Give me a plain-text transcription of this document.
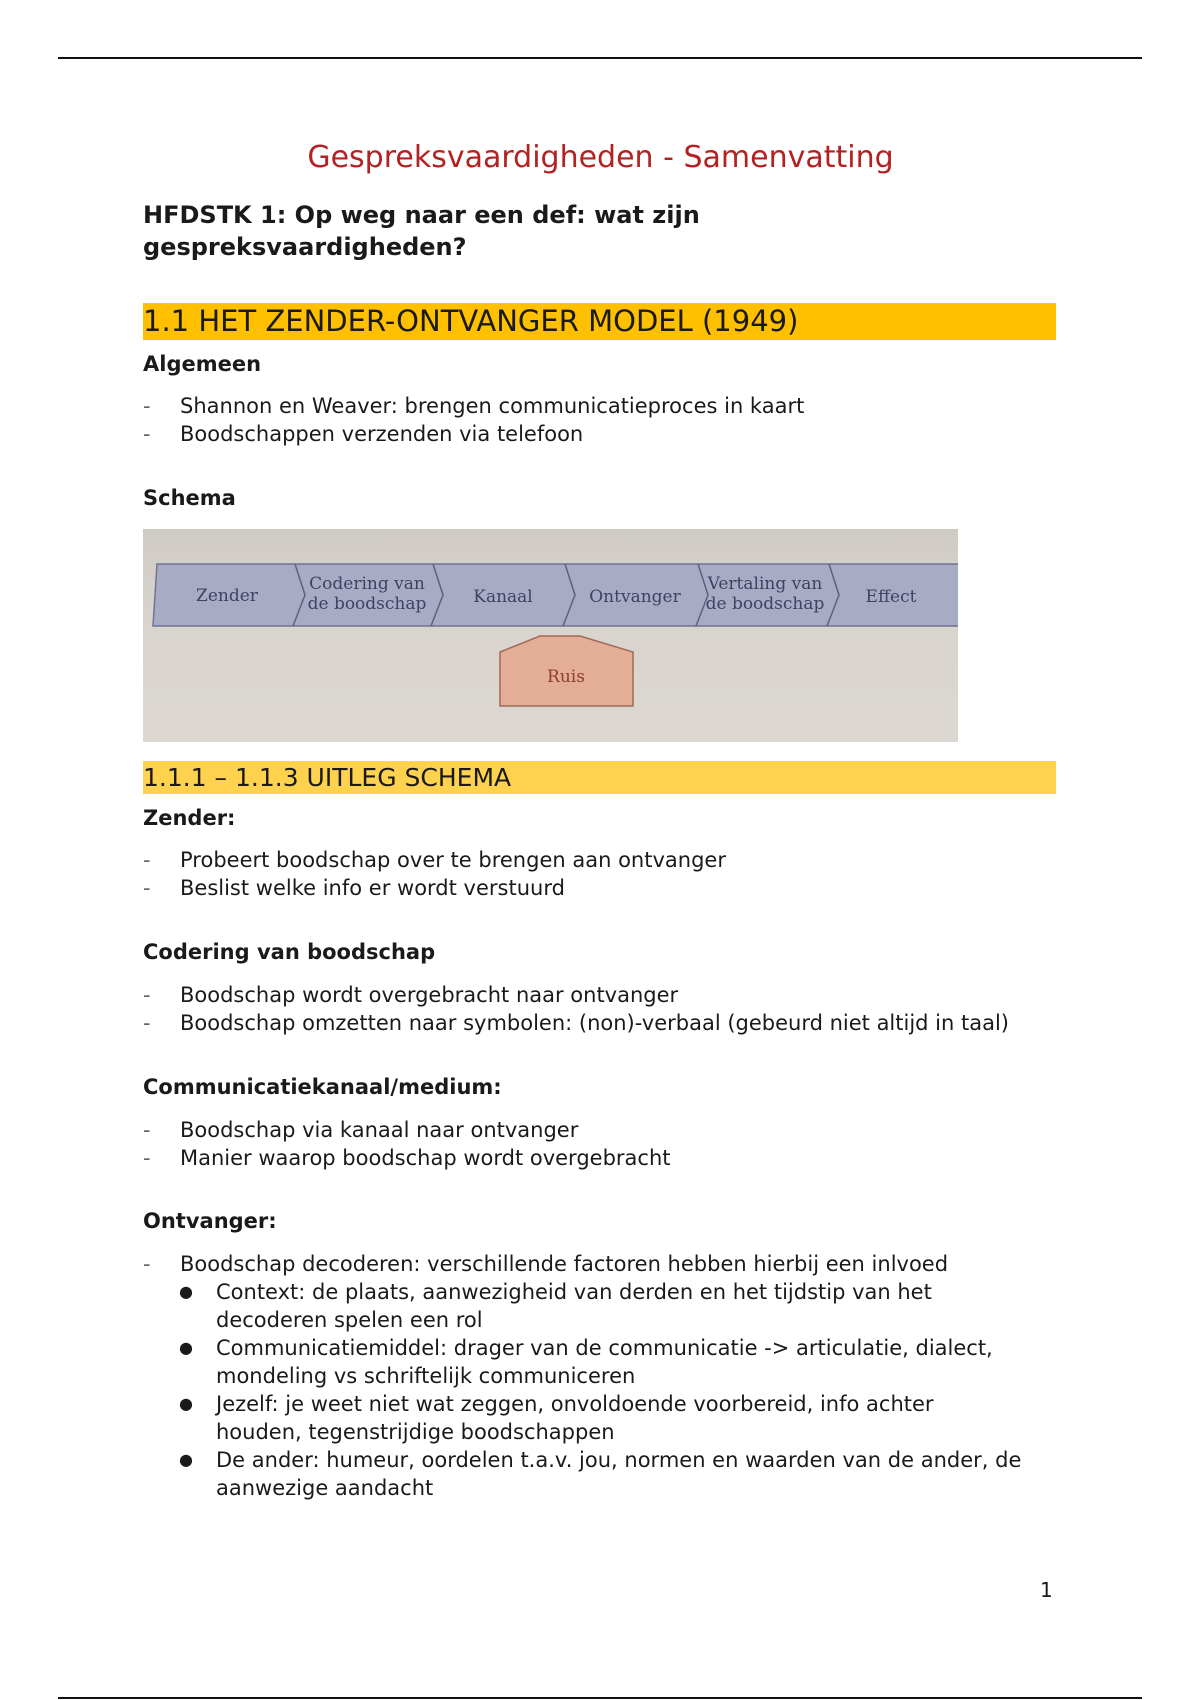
Gespreksvaardigheden - Samenvatting
HFDSTK 1: Op weg naar een def: wat zijn gespreksvaardigheden?
1.1 HET ZENDER-ONTVANGER MODEL (1949)
Algemeen
- Shannon en Weaver: brengen communicatieproces in kaart
- Boodschappen verzenden via telefoon
Schema
Zender
Codering van
de boodschap	Kanaal	Ontvanger
Vertaling van
de boodschap Effect
Ruis
1.1.1 – 1.1.3 UITLEG SCHEMA
Zender:
- Probeert boodschap over te brengen aan ontvanger
- Beslist welke info er wordt verstuurd
Codering van boodschap
- Boodschap wordt overgebracht naar ontvanger
- Boodschap omzetten naar symbolen: (non)-verbaal (gebeurd niet altijd in taal)
Communicatiekanaal/medium:
- Boodschap via kanaal naar ontvanger
- Manier waarop boodschap wordt overgebracht
Ontvanger:
- Boodschap decoderen: verschillende factoren hebben hierbij een inlvoed
● Context: de plaats, aanwezigheid van derden en het tijdstip van het decoderen spelen een rol
● Communicatiemiddel: drager van de communicatie -> articulatie, dialect, mondeling vs schriftelijk communiceren
● Jezelf: je weet niet wat zeggen, onvoldoende voorbereid, info achter houden, tegenstrijdige boodschappen
● De ander: humeur, oordelen t.a.v. jou, normen en waarden van de ander, de aanwezige aandacht
1
